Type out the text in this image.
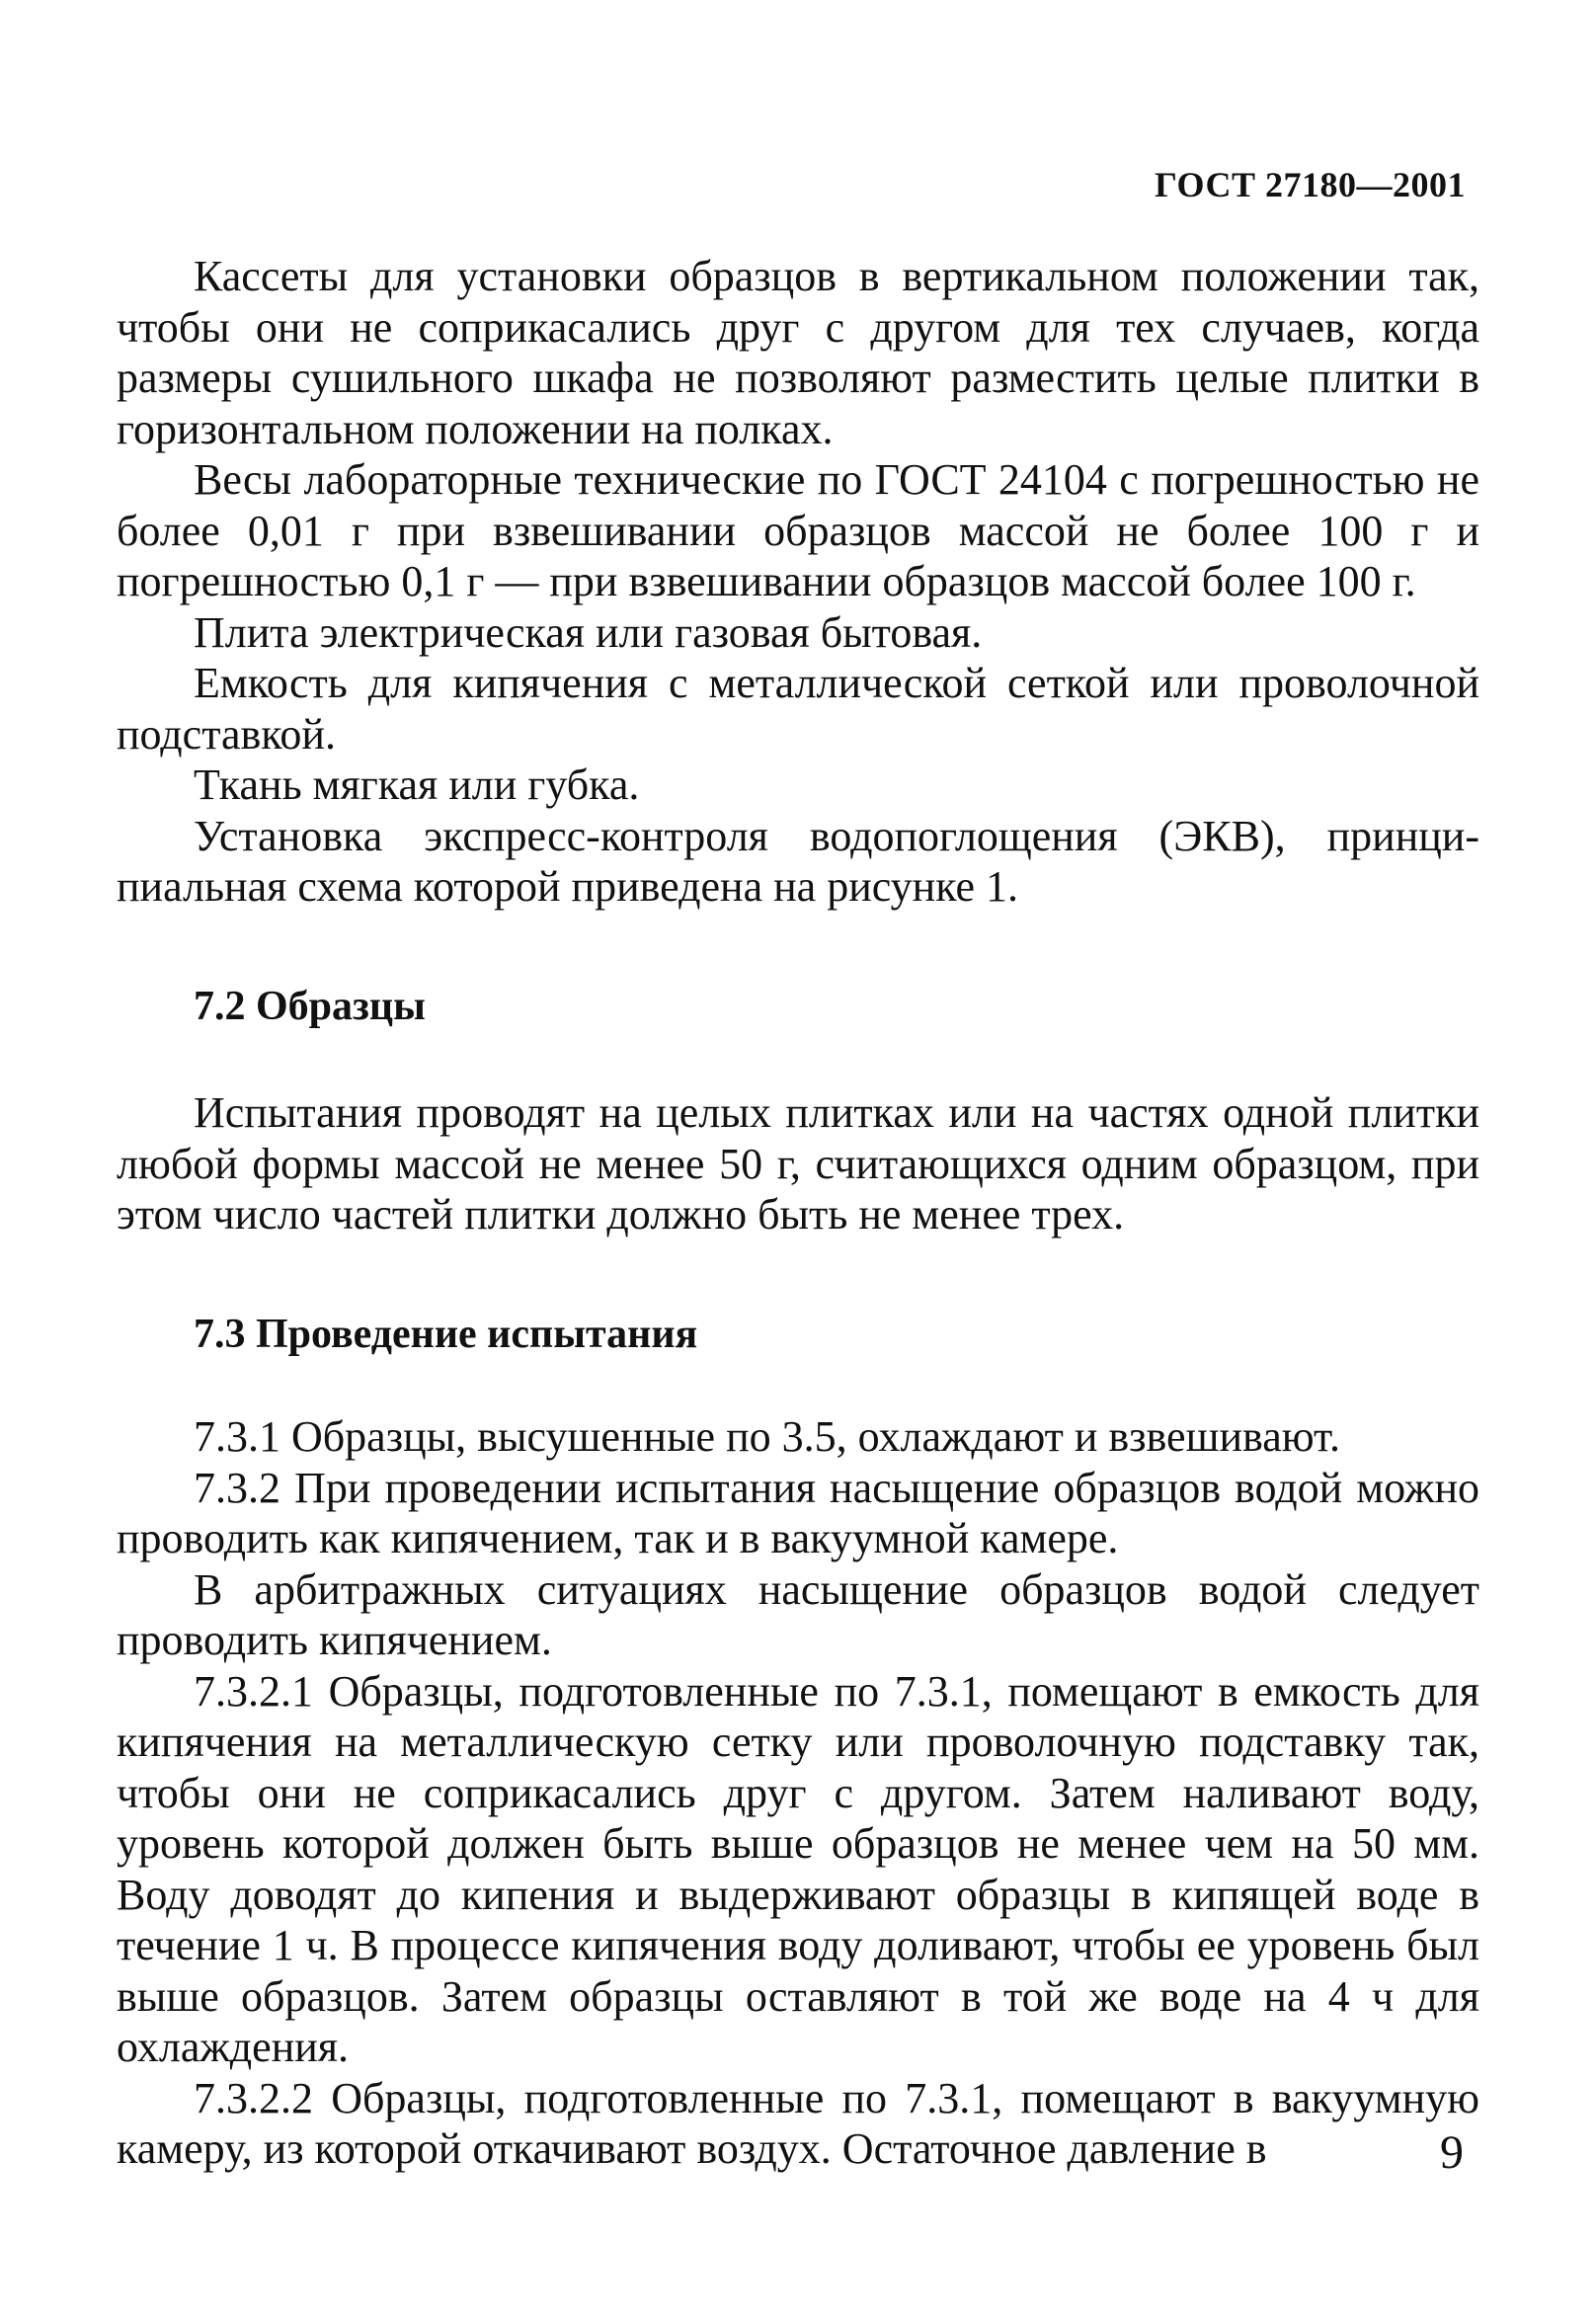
ГОСТ 27180—2001

Кассеты для установки образцов в вертикальном положении так, чтобы они не соприкасались друг с другом для тех случаев, когда размеры сушильного шкафа не позволяют разместить целые плитки в горизонтальном положении на полках.

Весы лабораторные технические по ГОСТ 24104 с погрешностью не более 0,01 г при взвешивании образцов массой не более 100 г и погрешностью 0,1 г — при взвешивании образцов массой более 100 г.

Плита электрическая или газовая бытовая.

Емкость для кипячения с металлической сеткой или проволочной подставкой.

Ткань мягкая или губка.

Установка экспресс-контроля водопоглощения (ЭКВ), принципиальная схема которой приведена на рисунке 1.

7.2 Образцы

Испытания проводят на целых плитках или на частях одной плитки любой формы массой не менее 50 г, считающихся одним образцом, при этом число частей плитки должно быть не менее трех.

7.3 Проведение испытания

7.3.1 Образцы, высушенные по 3.5, охлаждают и взвешивают.

7.3.2 При проведении испытания насыщение образцов водой можно проводить как кипячением, так и в вакуумной камере.

В арбитражных ситуациях насыщение образцов водой следует проводить кипячением.

7.3.2.1 Образцы, подготовленные по 7.3.1, помещают в емкость для кипячения на металлическую сетку или проволочную подставку так, чтобы они не соприкасались друг с другом. Затем наливают воду, уровень которой должен быть выше образцов не менее чем на 50 мм. Воду доводят до кипения и выдерживают образцы в кипящей воде в течение 1 ч. В процессе кипячения воду доливают, чтобы ее уровень был выше образцов. Затем образцы оставляют в той же воде на 4 ч для охлаждения.

7.3.2.2 Образцы, подготовленные по 7.3.1, помещают в вакуумную камеру, из которой откачивают воздух. Остаточное давление в	9
